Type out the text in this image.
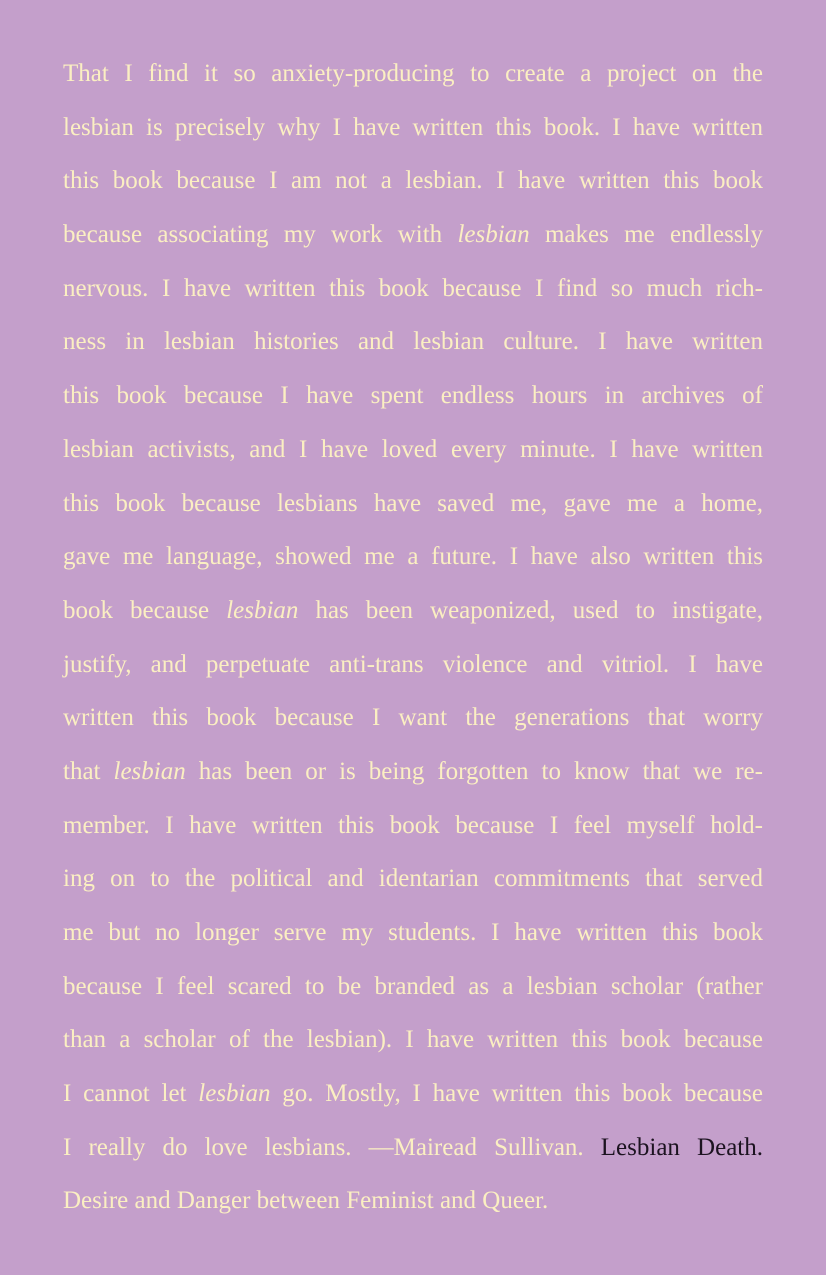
That I find it so anxiety-producing to create a project on the
lesbian is precisely why I have written this book. I have written
this book because I am not a lesbian. I have written this book
because associating my work with lesbian makes me endlessly
nervous. I have written this book because I find so much rich-
ness in lesbian histories and lesbian culture. I have written
this book because I have spent endless hours in archives of
lesbian activists, and I have loved every minute. I have written
this book because lesbians have saved me, gave me a home,
gave me language, showed me a future. I have also written this
book because lesbian has been weaponized, used to instigate,
justify, and perpetuate anti-trans violence and vitriol. I have
written this book because I want the generations that worry
that lesbian has been or is being forgotten to know that we re-
member. I have written this book because I feel myself hold-
ing on to the political and identarian commitments that served
me but no longer serve my students. I have written this book
because I feel scared to be branded as a lesbian scholar (rather
than a scholar of the lesbian). I have written this book because
I cannot let lesbian go. Mostly, I have written this book because
I really do love lesbians. —Mairead Sullivan. Lesbian Death.
Desire and Danger between Feminist and Queer.
